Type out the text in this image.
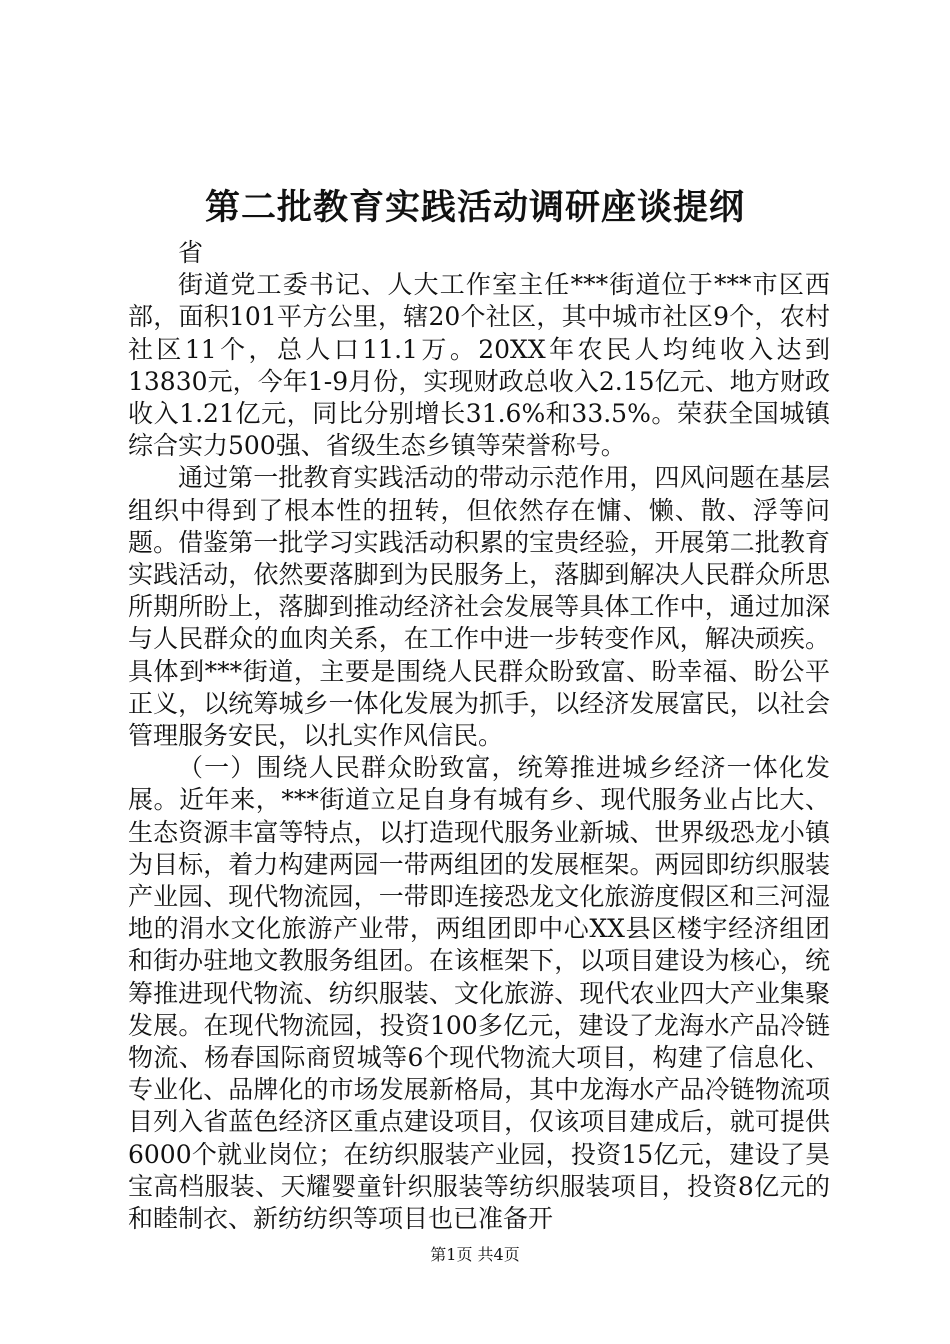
第二批教育实践活动调研座谈提纲

省

街道党工委书记、人大工作室主任***街道位于***市区西部，面积101平方公里，辖20个社区，其中城市社区9个，农村社区11个，总人口11.1万。20XX年农民人均纯收入达到13830元，今年1-9月份，实现财政总收入2.15亿元、地方财政收入1.21亿元，同比分别增长31.6%和33.5%。荣获全国城镇综合实力500强、省级生态乡镇等荣誉称号。

通过第一批教育实践活动的带动示范作用，四风问题在基层组织中得到了根本性的扭转，但依然存在慵、懒、散、浮等问题。借鉴第一批学习实践活动积累的宝贵经验，开展第二批教育实践活动，依然要落脚到为民服务上，落脚到解决人民群众所思所期所盼上，落脚到推动经济社会发展等具体工作中，通过加深与人民群众的血肉关系，在工作中进一步转变作风，解决顽疾。具体到***街道，主要是围绕人民群众盼致富、盼幸福、盼公平正义，以统筹城乡一体化发展为抓手，以经济发展富民，以社会管理服务安民，以扎实作风信民。

（一）围绕人民群众盼致富，统筹推进城乡经济一体化发展。近年来，***街道立足自身有城有乡、现代服务业占比大、生态资源丰富等特点，以打造现代服务业新城、世界级恐龙小镇为目标，着力构建两园一带两组团的发展框架。两园即纺织服装产业园、现代物流园，一带即连接恐龙文化旅游度假区和三河湿地的涓水文化旅游产业带，两组团即中心XX县区楼宇经济组团和街办驻地文教服务组团。在该框架下，以项目建设为核心，统筹推进现代物流、纺织服装、文化旅游、现代农业四大产业集聚发展。在现代物流园，投资100多亿元，建设了龙海水产品冷链物流、杨春国际商贸城等6个现代物流大项目，构建了信息化、专业化、品牌化的市场发展新格局，其中龙海水产品冷链物流项目列入省蓝色经济区重点建设项目，仅该项目建成后，就可提供6000个就业岗位；在纺织服装产业园，投资15亿元，建设了昊宝高档服装、天耀婴童针织服装等纺织服装项目，投资8亿元的和睦制衣、新纺纺织等项目也已准备开

第1页 共4页
